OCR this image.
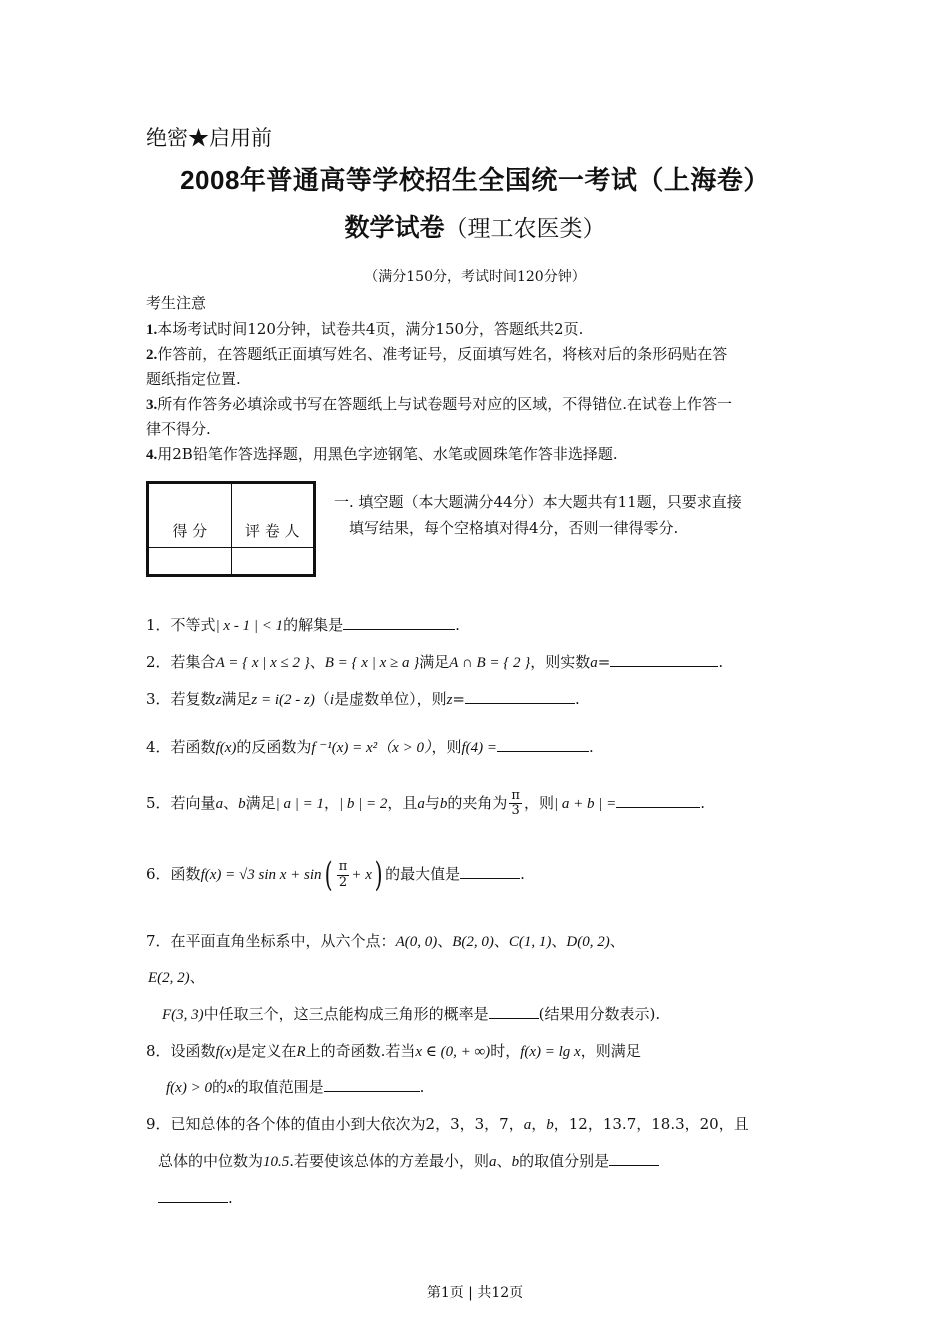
绝密★启用前
2008年普通高等学校招生全国统一考试（上海卷）
数学试卷（理工农医类）
（满分150分，考试时间120分钟）
考生注意
1.本场考试时间120分钟，试卷共4页，满分150分，答题纸共2页.
2.作答前，在答题纸正面填写姓名、准考证号，反面填写姓名，将核对后的条形码贴在答
题纸指定位置.
3.所有作答务必填涂或书写在答题纸上与试卷题号对应的区域，不得错位.在试卷上作答一
律不得分.
4.用2B铅笔作答选择题，用黑色字迹钢笔、水笔或圆珠笔作答非选择题.
得 分	评 卷 人

一. 填空题（本大题满分44分）本大题共有11题，只要求直接
填写结果，每个空格填对得4分，否则一律得零分.
1．不等式| x - 1 | < 1的解集是	.
2．若集合A = { x | x ≤ 2 }、B = { x | x ≥ a }满足A ∩ B = { 2 }，则实数a=	.
3．若复数z满足z = i(2 - z)（i是虚数单位），则z=	.
4．若函数f(x)的反函数为f ⁻¹(x) = x²（x > 0），则f(4) =	.
5．若向量a、b满足| a | = 1，| b | = 2，且a与b的夹角为 $\frac{\pi}{3}$ ，则| a + b | =	.
6．函数f(x) = √3 $\sin x + \sin( \frac{\pi}{2} + x)$ 的最大值是	.
7．在平面直角坐标系中，从六个点：A(0, 0)、B(2, 0)、C(1, 1)、D(0, 2)、
E(2, 2)、
F(3, 3)中任取三个，这三点能构成三角形的概率是	(结果用分数表示).
8．设函数f(x)是定义在R上的奇函数.若当x ∈ (0, + ∞)时，f(x) = lg x，则满足
f(x) > 0的x的取值范围是	.
9．已知总体的各个体的值由小到大依次为2，3，3，7，a，b，12，13.7，18.3，20，且
总体的中位数为10.5.若要使该总体的方差最小，则a、b的取值分别是
.
第1页 | 共12页
